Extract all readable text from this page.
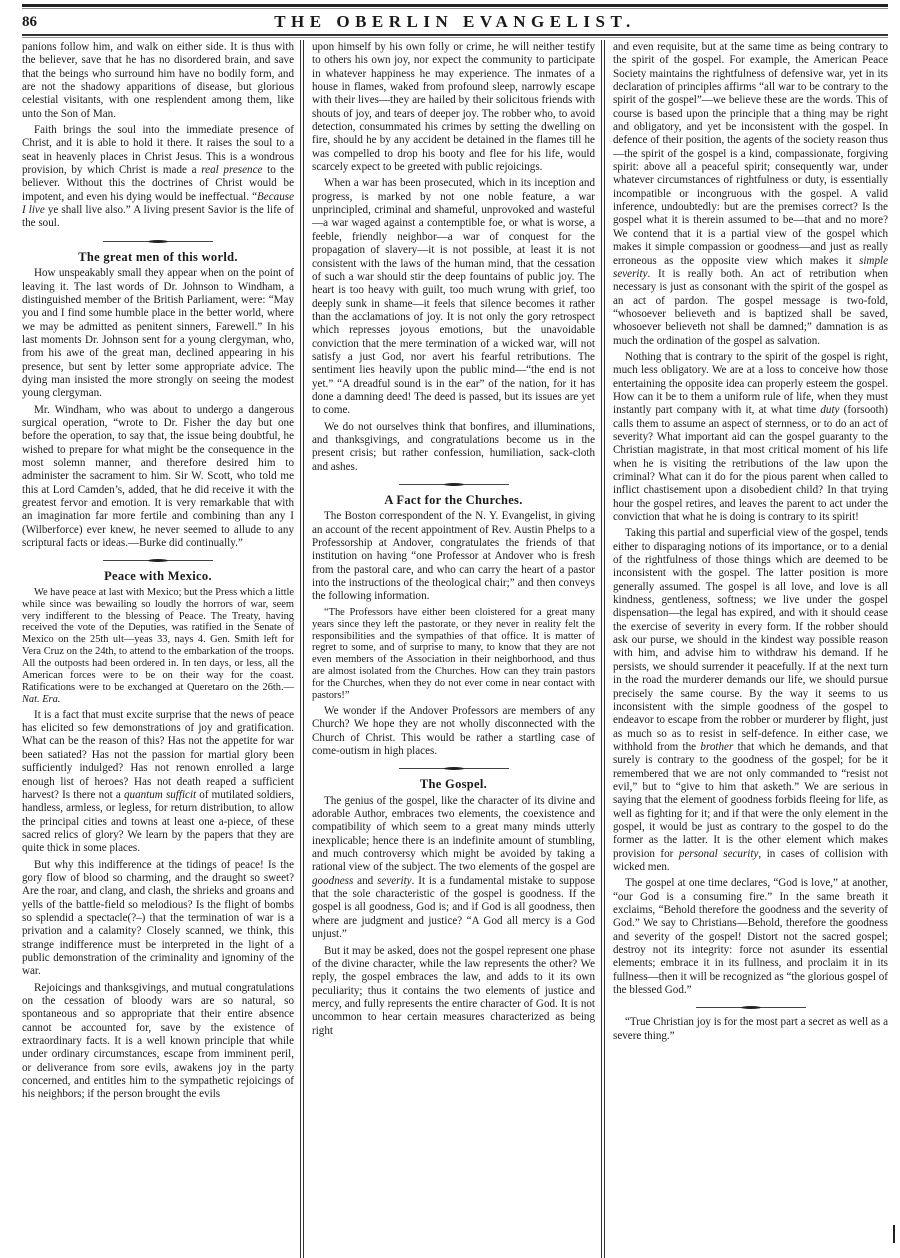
86	THE OBERLIN EVANGELIST.

panions follow him, and walk on either side. It is thus with the believer, save that he has no disordered brain, and save that the beings who surround him have no bodily form, and are not the shadowy apparitions of disease, but glorious celestial visitants, with one resplendent among them, like unto the Son of Man.

Faith brings the soul into the immediate presence of Christ, and it is able to hold it there. It raises the soul to a seat in heavenly places in Christ Jesus. This is a wondrous provision, by which Christ is made a real presence to the believer. Without this the doctrines of Christ would be impotent, and even his dying would be ineffectual. “Because I live ye shall live also.” A living present Savior is the life of the soul.

The great men of this world.

How unspeakably small they appear when on the point of leaving it. The last words of Dr. Johnson to Windham, a distinguished member of the British Parliament, were: “May you and I find some humble place in the better world, where we may be admitted as penitent sinners, Farewell.” In his last moments Dr. Johnson sent for a young clergyman, who, from his awe of the great man, declined appearing in his presence, but sent by letter some appropriate advice. The dying man insisted the more strongly on seeing the modest young clergyman.

Mr. Windham, who was about to undergo a dangerous surgical operation, “wrote to Dr. Fisher the day but one before the operation, to say that, the issue being doubtful, he wished to prepare for what might be the consequence in the most solemn manner, and therefore desired him to administer the sacrament to him. Sir W. Scott, who told me this at Lord Camden’s, added, that he did receive it with the greatest fervor and emotion. It is very remarkable that with an imagination far more fertile and combining than any I (Wilberforce) ever knew, he never seemed to allude to any scriptural facts or ideas.—Burke did continually.”

Peace with Mexico.

We have peace at last with Mexico; but the Press which a little while since was bewailing so loudly the horrors of war, seem very indifferent to the blessing of Peace. The Treaty, having received the vote of the Deputies, was ratified in the Senate of Mexico on the 25th ult—yeas 33, nays 4. Gen. Smith left for Vera Cruz on the 24th, to attend to the embarkation of the troops. All the outposts had been ordered in. In ten days, or less, all the American forces were to be on their way for the coast. Ratifications were to be exchanged at Queretaro on the 26th.—Nat. Era.

It is a fact that must excite surprise that the news of peace has elicited so few demonstrations of joy and gratification. What can be the reason of this? Has not the appetite for war been satiated? Has not the passion for martial glory been sufficiently indulged? Has not renown enrolled a large enough list of heroes? Has not death reaped a sufficient harvest? Is there not a quantum sufficit of mutilated soldiers, handless, armless, or legless, for return distribution, to allow the principal cities and towns at least one a-piece, of these sacred relics of glory? We learn by the papers that they are quite thick in some places.

But why this indifference at the tidings of peace! Is the gory flow of blood so charming, and the draught so sweet? Are the roar, and clang, and clash, the shrieks and groans and yells of the battle-field so melodious? Is the flight of bombs so splendid a spectacle(?–) that the termination of war is a privation and a calamity? Closely scanned, we think, this strange indifference must be interpreted in the light of a public demonstration of the criminality and ignominy of the war.

Rejoicings and thanksgivings, and mutual congratulations on the cessation of bloody wars are so natural, so spontaneous and so appropriate that their entire absence cannot be accounted for, save by the existence of extraordinary facts. It is a well known principle that while under ordinary circumstances, escape from imminent peril, or deliverance from sore evils, awakens joy in the party concerned, and entitles him to the sympathetic rejoicings of his neighbors; if the person brought the evils

upon himself by his own folly or crime, he will neither testify to others his own joy, nor expect the community to participate in whatever happiness he may experience. The inmates of a house in flames, waked from profound sleep, narrowly escape with their lives—they are hailed by their solicitous friends with shouts of joy, and tears of deeper joy. The robber who, to avoid detection, consummated his crimes by setting the dwelling on fire, should he by any accident be detained in the flames till he was compelled to drop his booty and flee for his life, would scarcely expect to be greeted with public rejoicings.

When a war has been prosecuted, which in its inception and progress, is marked by not one noble feature, a war unprincipled, criminal and shameful, unprovoked and wasteful—a war waged against a contemptible foe, or what is worse, a feeble, friendly neighbor—a war of conquest for the propagation of slavery—it is not possible, at least it is not consistent with the laws of the human mind, that the cessation of such a war should stir the deep fountains of public joy. The heart is too heavy with guilt, too much wrung with grief, too deeply sunk in shame—it feels that silence becomes it rather than the acclamations of joy. It is not only the gory retrospect which represses joyous emotions, but the unavoidable conviction that the mere termination of a wicked war, will not satisfy a just God, nor avert his fearful retributions. The sentiment lies heavily upon the public mind—“the end is not yet.” “A dreadful sound is in the ear” of the nation, for it has done a damning deed! The deed is passed, but its issues are yet to come.

We do not ourselves think that bonfires, and illuminations, and thanksgivings, and congratulations become us in the present crisis; but rather confession, humiliation, sack-cloth and ashes.

A Fact for the Churches.

The Boston correspondent of the N. Y. Evangelist, in giving an account of the recent appointment of Rev. Austin Phelps to a Professorship at Andover, congratulates the friends of that institution on having “one Professor at Andover who is fresh from the pastoral care, and who can carry the heart of a pastor into the instructions of the theological chair;” and then conveys the following information.

“The Professors have either been cloistered for a great many years since they left the pastorate, or they never in reality felt the responsibilities and the sympathies of that office. It is matter of regret to some, and of surprise to many, to know that they are not even members of the Association in their neighborhood, and thus are almost isolated from the Churches. How can they train pastors for the Churches, when they do not ever come in near contact with pastors!”

We wonder if the Andover Professors are members of any Church? We hope they are not wholly disconnected with the Church of Christ. This would be rather a startling case of come-outism in high places.

The Gospel.

The genius of the gospel, like the character of its divine and adorable Author, embraces two elements, the coexistence and compatibility of which seem to a great many minds utterly inexplicable; hence there is an indefinite amount of stumbling, and much controversy which might be avoided by taking a rational view of the subject. The two elements of the gospel are goodness and severity. It is a fundamental mistake to suppose that the sole characteristic of the gospel is goodness. If the gospel is all goodness, God is; and if God is all goodness, then where are judgment and justice? “A God all mercy is a God unjust.”

But it may be asked, does not the gospel represent one phase of the divine character, while the law represents the other? We reply, the gospel embraces the law, and adds to it its own peculiarity; thus it contains the two elements of justice and mercy, and fully represents the entire character of God. It is not uncommon to hear certain measures characterized as being right

and even requisite, but at the same time as being contrary to the spirit of the gospel. For example, the American Peace Society maintains the rightfulness of defensive war, yet in its declaration of principles affirms “all war to be contrary to the spirit of the gospel”—we believe these are the words. This of course is based upon the principle that a thing may be right and obligatory, and yet be inconsistent with the gospel. In defence of their position, the agents of the society reason thus—the spirit of the gospel is a kind, compassionate, forgiving spirit: above all a peaceful spirit; consequently war, under whatever circumstances of rightfulness or duty, is essentially incompatible or incongruous with the gospel. A valid inference, undoubtedly: but are the premises correct? Is the gospel what it is therein assumed to be—that and no more? We contend that it is a partial view of the gospel which makes it simple compassion or goodness—and just as really erroneous as the opposite view which makes it simple severity. It is really both. An act of retribution when necessary is just as consonant with the spirit of the gospel as an act of pardon. The gospel message is two-fold, “whosoever believeth and is baptized shall be saved, whosoever believeth not shall be damned;” damnation is as much the ordination of the gospel as salvation.

Nothing that is contrary to the spirit of the gospel is right, much less obligatory. We are at a loss to conceive how those entertaining the opposite idea can properly esteem the gospel. How can it be to them a uniform rule of life, when they must instantly part company with it, at what time duty (forsooth) calls them to assume an aspect of sternness, or to do an act of severity? What important aid can the gospel guaranty to the Christian magistrate, in that most critical moment of his life when he is visiting the retributions of the law upon the criminal? What can it do for the pious parent when called to inflict chastisement upon a disobedient child? In that trying hour the gospel retires, and leaves the parent to act under the conviction that what he is doing is contrary to its spirit!

Taking this partial and superficial view of the gospel, tends either to disparaging notions of its importance, or to a denial of the rightfulness of those things which are deemed to be inconsistent with the gospel. The latter position is more generally assumed. The gospel is all love, and love is all kindness, gentleness, softness; we live under the gospel dispensation—the legal has expired, and with it should cease the exercise of severity in every form. If the robber should ask our purse, we should in the kindest way possible reason with him, and advise him to withdraw his demand. If he persists, we should surrender it peacefully. If at the next turn in the road the murderer demands our life, we should pursue precisely the same course. By the way it seems to us inconsistent with the simple goodness of the gospel to endeavor to escape from the robber or murderer by flight, just as much so as to resist in self-defence. In either case, we withhold from the brother that which he demands, and that surely is contrary to the goodness of the gospel; for be it remembered that we are not only commanded to “resist not evil,” but to “give to him that asketh.” We are serious in saying that the element of goodness forbids fleeing for life, as well as fighting for it; and if that were the only element in the gospel, it would be just as contrary to the gospel to do the former as the latter. It is the other element which makes provision for personal security, in cases of collision with wicked men.

The gospel at one time declares, “God is love,” at another, “our God is a consuming fire.” In the same breath it exclaims, “Behold therefore the goodness and the severity of God.” We say to Christians—Behold, therefore the goodness and severity of the gospel! Distort not the sacred gospel; destroy not its integrity: force not asunder its essential elements; embrace it in its fullness, and proclaim it in its fullness—then it will be recognized as “the glorious gospel of the blessed God.”

“True Christian joy is for the most part a secret as well as a severe thing.”
